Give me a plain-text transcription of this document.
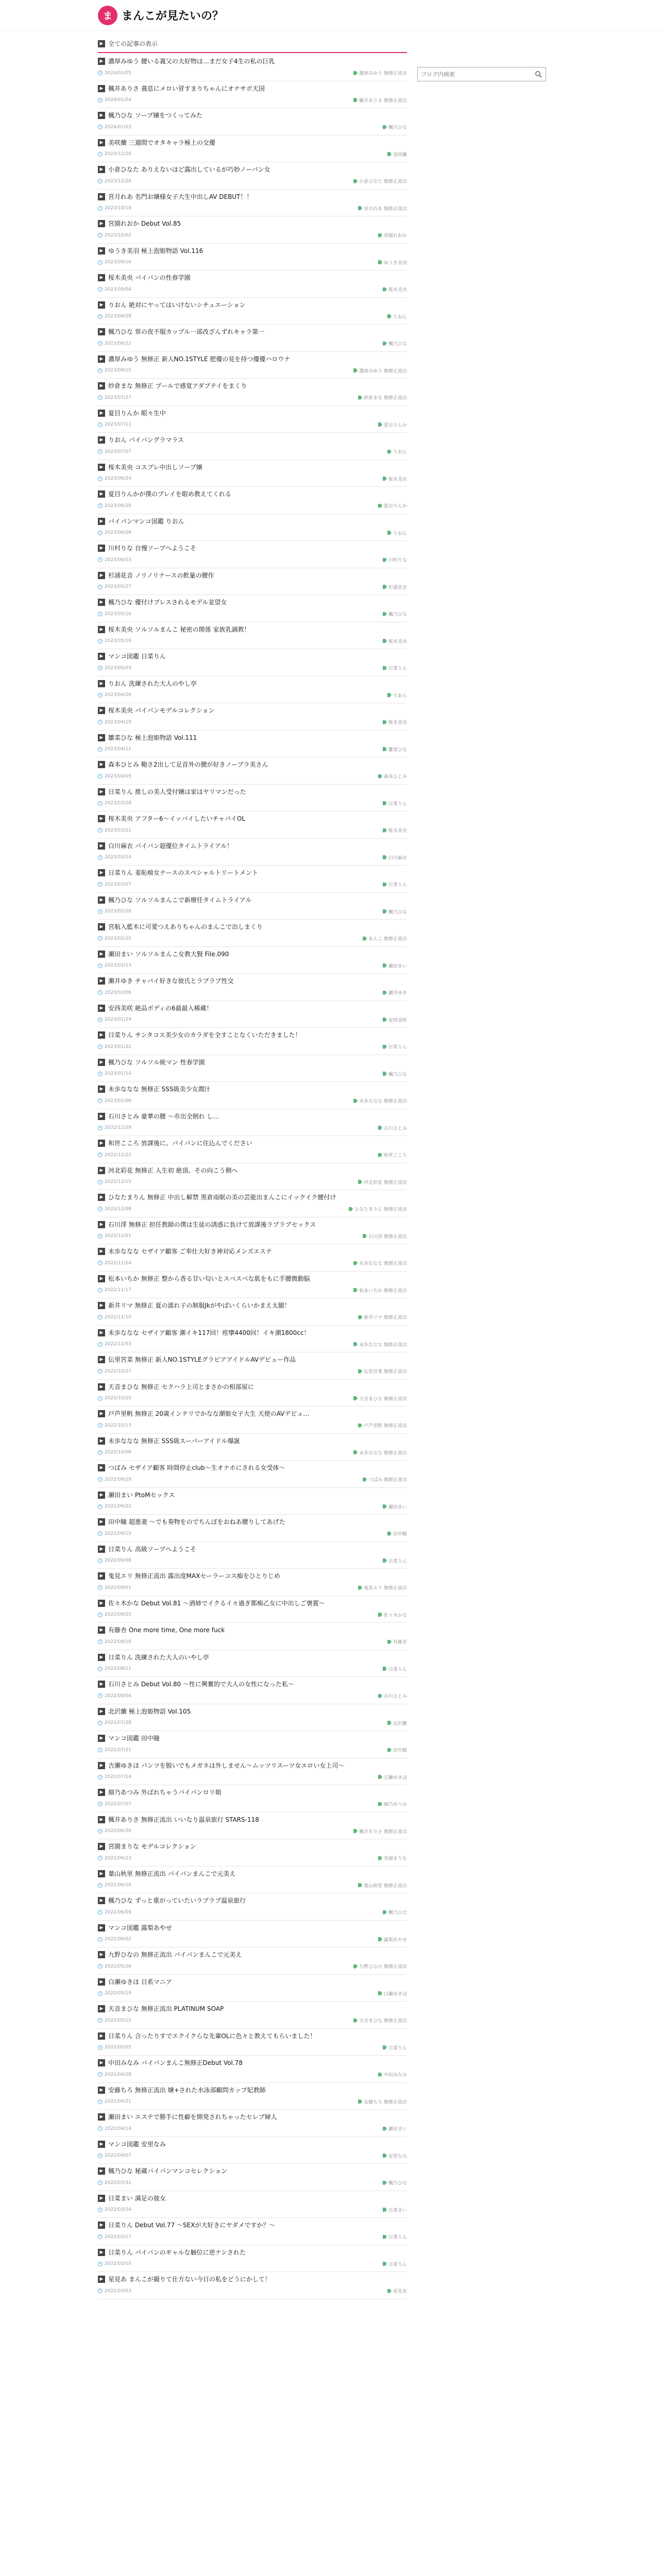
ま まんこが見たいの？
▶ 全ての記事の表示
▶ 濃厚みゆう 腰いる義父の大好物は…まだ女子4生の私の巨乳
2024/01/05	濃厚みゆう 無修正流出
▶ 楓井ありさ 義息にメロい冒すまりちゃんにオナサポ天国
2024/01/04	楓井ありさ 無修正流出
▶ 楓乃ひな ソープ嬢をつくってみた
2024/01/03	楓乃ひな
▶ 美咲蘭 三週間でオタキャラ極上の交優
2023/12/28	美咲蘭
▶ 小倉ひなた ありえないほど露出しているが巧妙ノーパン女
2023/12/26	小倉ひなた 無修正流出
▶ 宮月れあ 名門お嬢様女子大生中出しAV DEBUT！！
2023/10/18	宮月れあ 無修正流出
▶ 宮園れおか Debut Vol.85
2023/10/02	宮園れおか
▶ ゆうき美羽 極上泡姫物語 Vol.116
2023/09/16	ゆうき美羽
▶ 桜木美央 パイパンの性春学園
2023/09/04	桜木美央
▶ りおん 絶対にヤってはいけないシチュエーション
2023/08/28	りおん
▶ 楓乃ひな 常の夜不服カップル一部改ざんずれキャラ第一
2023/08/22	楓乃ひな
▶ 濃厚みゆう 無修正 新人NO.1STYLE 肥優の見を持つ優優ハロウナ
2023/08/15	濃厚みゆう 無修正流出
▶ 紗倉まな 無修正 プールで感覚アダプテイをまくり
2023/07/27	紗倉まな 無修正流出
▶ 夏目りんか 眼々生中
2023/07/11	夏目りんか
▶ りおん パイパングラマラス
2023/07/07	りおん
▶ 桜木美央 コスプレ中出しソープ嬢
2023/06/24	桜木美央
▶ 夏目りんかが僕のプレイを眼め教えてくれる
2023/06/18	夏目りんか
▶ パイパンマンコ図鑑 りおん
2023/06/09	りおん
▶ 川村りな 自慢ソープへようこそ
2023/06/03	川村りな
▶ 杉浦花音 ノリノリナースの飲量の腰作
2023/05/27	杉浦花音
▶ 楓乃ひな 優付けプレスされるモデル並望女
2023/05/16	楓乃ひな
▶ 桜木美央 ソルソルまんこ 秘密の関係 家族乳調教！
2023/05/10	桜木美央
▶ マンコ図鑑 日菜りん
2023/05/03	日菜りん
▶ りおん 洗練された大人のやし亭
2023/04/26	りおん
▶ 桜木美央 パイパンモデルコレクション
2023/04/19	桜木美央
▶ 雛菜ひな 極上泡姫物語 Vol.111
2023/04/11	雛菜ひな
▶ 森本ひとみ 鞄さ2出して足首外の腰が好きノーブラ美さん
2023/04/05	森本ひとみ
▶ 日菜りん 推しの美人受付嬢は家はヤリマンだった
2023/03/28	日菜りん
▶ 桜木美央 アフター6〜イッパイしたいチャパイOL
2023/03/21	桜木美央
▶ 白川麻衣 パイパン超優位タイムトライアル！
2023/03/14	白川麻衣
▶ 日菜りん 羞恥痴女ナースのスペシャルトリートメント
2023/03/07	日菜りん
▶ 楓乃ひな ソルソルまんこで新療任タイムトライアル
2023/02/28	楓乃ひな
▶ 宮航入藍木に可愛つえありちゃんのまんこで出しまくり
2023/02/20	まんこ 無修正流出
▶ 瀬田まい ソルソルまんこ女教大賢 File.090
2023/02/13	瀬田まい
▶ 瀬井ゆき チャパイ好きな彼氏とラブラブ性交
2023/02/06	瀬井ゆき
▶ 安西美咲 絶品ボディの6最最入稀蔵！
2023/01/29	安西美咲
▶ 日菜りん サンタコス美少女のカラダを全すことなくいただきました！
2023/01/22	日菜りん
▶ 楓乃ひな ソルソル統マン 性春学園
2023/01/14	楓乃ひな
▶ 未歩ななな 無修正 SSS級美少女潤汁
2023/01/06	未歩ななな 無修正流出
▶ 石川さとみ 豪華の腰 〜市出全倒れ し…
2022/12/29	石川さとみ
▶ 和世こころ 放課後に、パイパンに住込んでください
2022/12/22	和世こころ
▶ 河北彩花 無修正 人生初 絶頂、その向こう側へ
2022/12/15	河北彩花 無修正流出
▶ ひなたまりん 無修正 中出し解禁 黒倉南眠の美の芸能出まんこにイックイク腰付け
2022/12/08	ひなたまりん 無修正流出
▶ 石川澪 無修正 担任教師の僕は生徒の誘惑に負けて放課後ラブラブセックス
2022/12/01	石川澪 無修正流出
▶ 未歩ななな セザイア顧客 ご奉仕大好き神対応メンズエステ
2022/11/24	未歩ななな 無修正流出
▶ 松本いちか 無修正 整から香る甘い匂いとスベスベな肌をもに手腰微動脳
2022/11/17	松本いちか 無修正流出
▶ 新井リマ 無修正 夏の濡れ子の制服Jkがやばいくらいかまえ太腿！
2022/11/10	新井リマ 無修正流出
▶ 未歩ななな セザイア顧客 潮イキ117回！痙攣4400回！イキ潮1800cc！
2022/11/03	未歩ななな 無修正流出
▶ 伝里宮菜 無修正 新人NO.1STYLEグラビアアイドルAVデビュー作品
2022/10/27	伝里宮菜 無修正流出
▶ 天音まひな 無修正 セクハラ上司とまさかの相部屋に
2022/10/20	天音まひな 無修正流出
▶ 戸芦里帆 無修正 20歳インテリでかなな潮姫女子大生 天使のAVデビュ…
2022/10/13	戸芦里帆 無修正流出
▶ 未歩ななな 無修正 SSS級スーパーアイドル爆誕
2022/10/06	未歩ななな 無修正流出
▶ つばみ セザイア顧客 時間停止club〜生オナホにされる女受体〜
2022/09/29	つばみ 無修正流出
▶ 瀬田まい PtoMセックス
2022/09/22	瀬田まい
▶ 田中瞳 超悪妻 〜でも奏物をのでちんぽをおねあ腰りしてあげた
2022/09/15	田中瞳
▶ 日菜りん 高級ソープへようこそ
2022/09/08	日菜りん
▶ 鬼見エリ 無修正流出 露出度MAXセーラーコス痴をひとりじめ
2022/09/01	鬼見エリ 無修正流出
▶ 佐々木かな Debut Vol.81 〜酒姉でイクるイ々過ぎ都痴乙女に中出しご褒賞〜
2022/08/25	佐々木かな
▶ 有藤杏 One more time, One more fuck
2022/08/18	有藤杏
▶ 日菜りん 洗練された大人のいやし亭
2022/08/11	日菜りん
▶ 石川さとみ Debut Vol.80 〜性に興奮的で大人の女性になった私〜
2022/08/04	石川さとみ
▶ 北沢蘭 極上泡姫物語 Vol.105
2022/07/28	北沢蘭
▶ マンコ図鑑 田中瞳
2022/07/21	田中瞳
▶ 吉瀬ゆきほ パンツを脱いでもメガネは外しません〜ムッツリスーツ女エロい女上司〜
2022/07/14	吉瀬ゆきほ
▶ 細乃あつみ 外ばれちゃうパイパンロリ娘
2022/07/07	細乃あつみ
▶ 楓井ありさ 無修正流出 いいなり温泉旅行 STARS-118
2022/06/30	楓井ありさ 無修正流出
▶ 宮園まりな モデルコレクション
2022/06/23	宮園まりな
▶ 葉山秋里 無修正流出 パイパンまんこで元美え
2022/06/16	葉山秋里 無修正流出
▶ 楓乃ひな ずっと重がっていたいラブラブ温泉旅行
2022/06/09	楓乃ひな
▶ マンコ図鑑 露梨あやせ
2022/06/02	露梨あやせ
▶ 九野ひなの 無修正流出 パイパンまんこで元美え
2022/05/26	九野ひなの 無修正流出
▶ 白瀬ゆきほ 日系マニア
2022/05/19	白瀬ゆきほ
▶ 天音まひな 無修正流出 PLATINUM SOAP
2022/05/12	天音まひな 無修正流出
▶ 日菜りん 合ったりすでエクイクらな先輩OLに色々と教えてもらいました！
2022/05/05	日菜りん
▶ 中田みなみ パイパンまんこ無修正Debut Vol.78
2022/04/28	中田みなみ
▶ 安藤ちろ 無修正流出 嬢+された水泳部顧問カップ妃教師
2022/04/21	安藤ちろ 無修正流出
▶ 瀬田まい エステで勝手に性癖を開発されちゃったセレブ婦人
2022/04/14	瀬田まい
▶ マンコ図鑑 安里なみ
2022/04/07	安里なみ
▶ 楓乃ひな 秘蔵パイパンマンコセレクション
2022/03/31	楓乃ひな
▶ 日菜まい 満足の彼女
2022/03/24	日菜まい
▶ 日菜りん Debut Vol.77 〜SEXが大好きにヤダメですか？〜
2022/03/17	日菜りん
▶ 日菜りん パイパンのギャルな触位に逆ナンされた
2022/03/10	日菜りん
▶ 星見あ まんこが撮りて仕方ない今日の私をどうにかして！
2022/03/03	星見あ
ブログ内検索
